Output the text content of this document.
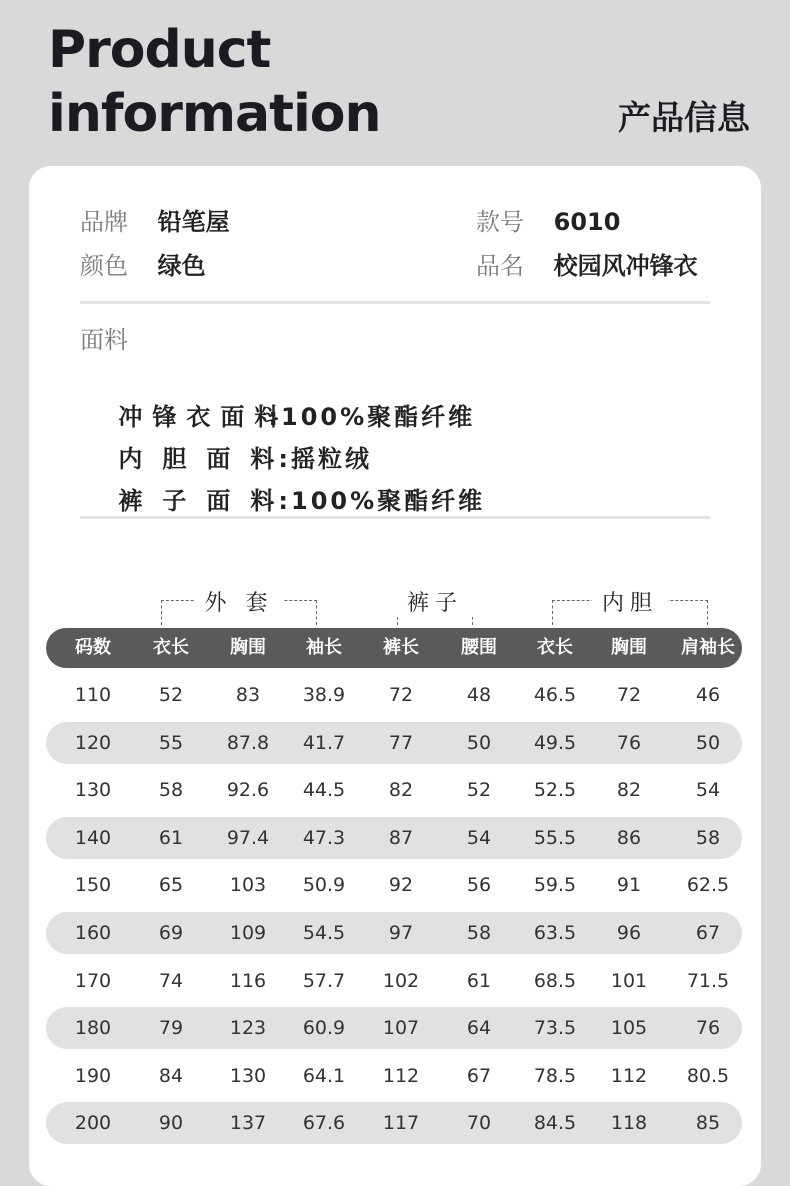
Product
information	产品信息
品牌 铅笔屋	款号 6010
颜色 绿色	品名 校园风冲锋衣
面料

冲锋衣面料:100%聚酯纤维

内胆面料:摇粒绒

裤子面料:100%聚酯纤维

外 套	裤子	内胆
码数 衣长 胸围 袖长 裤长 腰围 衣长 胸围 肩袖长
110	52	83 38.9 72	48 46.5 72	46
120	55 87.8 41.7 77	50 49.5 76	50
130	58 92.6 44.5 82	52 52.5 82	54
140	61 97.4 47.3 87	54 55.5 86	58
150	65 103 50.9 92	56 59.5 91 62.5
160	69 109 54.5 97	58 63.5 96	67
170	74 116 57.7 102	61 68.5 101 71.5
180	79 123 60.9 107	64 73.5 105	76
190	84 130 64.1 112	67 78.5 112 80.5
200	90 137 67.6 117	70 84.5 118	85
